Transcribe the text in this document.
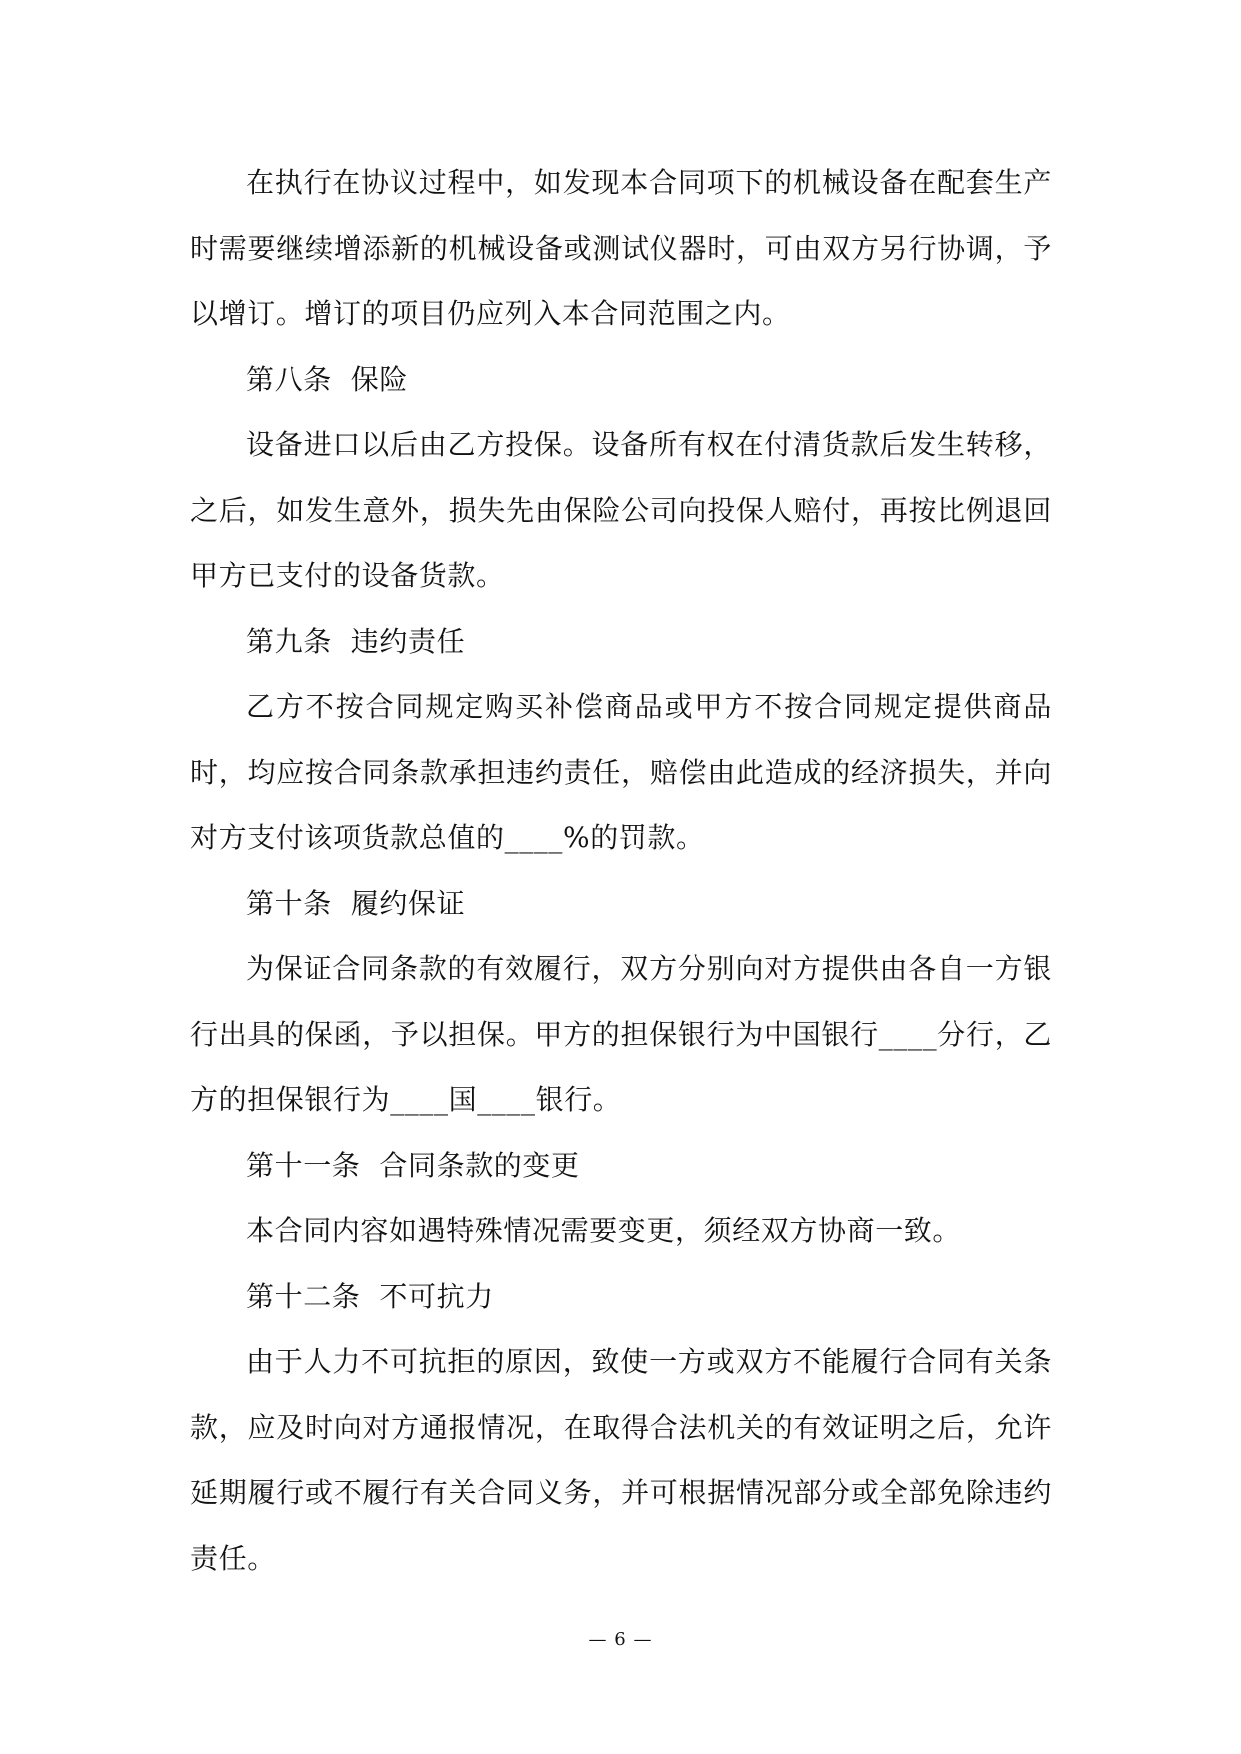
在执行在协议过程中，如发现本合同项下的机械设备在配套生产时需要继续增添新的机械设备或测试仪器时，可由双方另行协调，予以增订。增订的项目仍应列入本合同范围之内。

第八条  保险

设备进口以后由乙方投保。设备所有权在付清货款后发生转移，之后，如发生意外，损失先由保险公司向投保人赔付，再按比例退回甲方已支付的设备货款。

第九条  违约责任

乙方不按合同规定购买补偿商品或甲方不按合同规定提供商品时，均应按合同条款承担违约责任，赔偿由此造成的经济损失，并向对方支付该项货款总值的____%的罚款。

第十条  履约保证

为保证合同条款的有效履行，双方分别向对方提供由各自一方银行出具的保函，予以担保。甲方的担保银行为中国银行____分行，乙方的担保银行为____国____银行。

第十一条  合同条款的变更

本合同内容如遇特殊情况需要变更，须经双方协商一致。

第十二条  不可抗力

由于人力不可抗拒的原因，致使一方或双方不能履行合同有关条款，应及时向对方通报情况，在取得合法机关的有效证明之后，允许延期履行或不履行有关合同义务，并可根据情况部分或全部免除违约责任。

— 6 —
